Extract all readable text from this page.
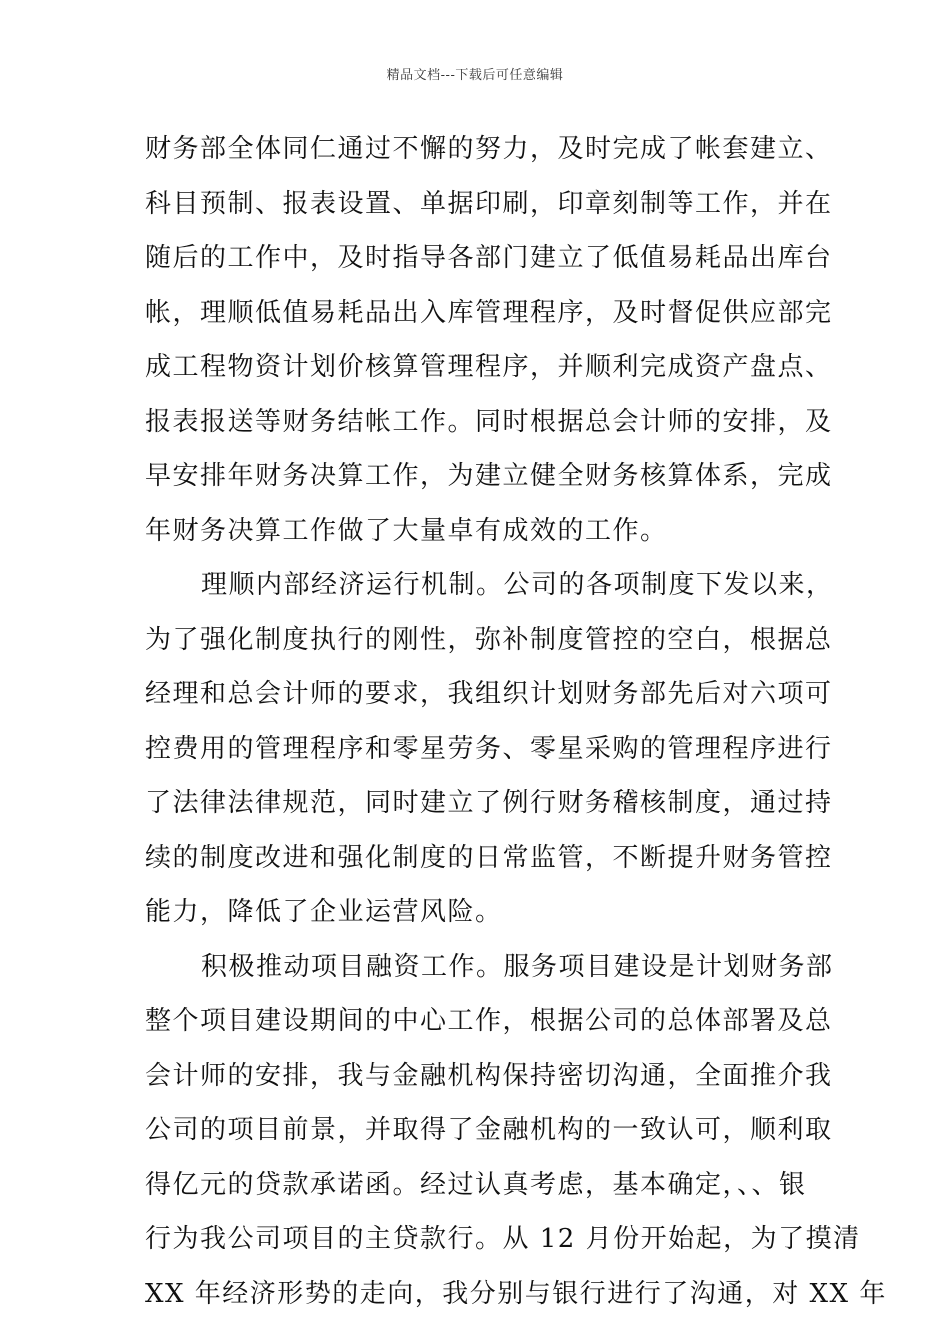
精品文档---下载后可任意编辑
财务部全体同仁通过不懈的努力，及时完成了帐套建立、
科目预制、报表设置、单据印刷，印章刻制等工作，并在
随后的工作中，及时指导各部门建立了低值易耗品出库台
帐，理顺低值易耗品出入库管理程序，及时督促供应部完
成工程物资计划价核算管理程序，并顺利完成资产盘点、
报表报送等财务结帐工作。同时根据总会计师的安排，及
早安排年财务决算工作，为建立健全财务核算体系，完成
年财务决算工作做了大量卓有成效的工作。
理顺内部经济运行机制。公司的各项制度下发以来，
为了强化制度执行的刚性，弥补制度管控的空白，根据总
经理和总会计师的要求，我组织计划财务部先后对六项可
控费用的管理程序和零星劳务、零星采购的管理程序进行
了法律法律规范，同时建立了例行财务稽核制度，通过持
续的制度改进和强化制度的日常监管，不断提升财务管控
能力，降低了企业运营风险。
积极推动项目融资工作。服务项目建设是计划财务部
整个项目建设期间的中心工作，根据公司的总体部署及总
会计师的安排，我与金融机构保持密切沟通，全面推介我
公司的项目前景，并取得了金融机构的一致认可，顺利取
得亿元的贷款承诺函。经过认真考虑，基本确定，、、银
行为我公司项目的主贷款行。从 12 月份开始起，为了摸清
XX 年经济形势的走向，我分别与银行进行了沟通，对 XX 年
